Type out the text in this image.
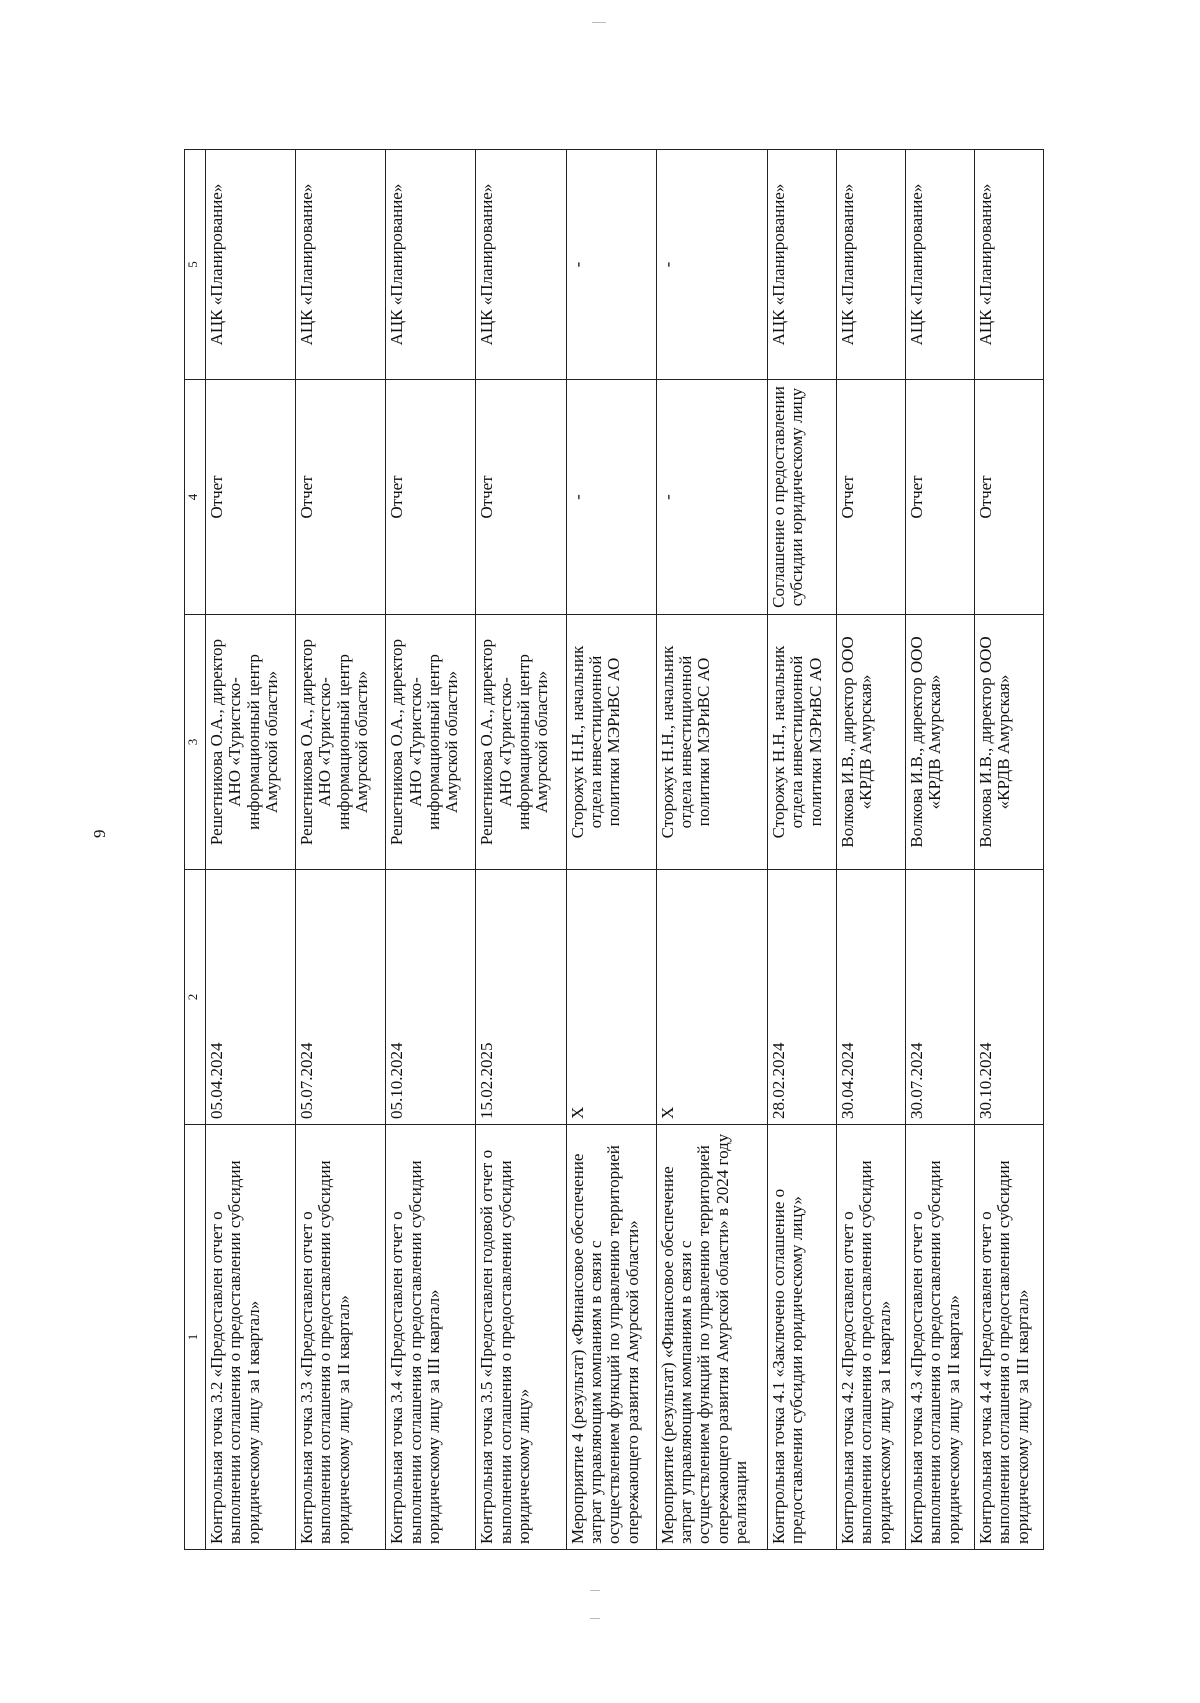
9
1	2	3	4	5
Контрольная точка 3.2 «Предоставлен отчет о выполнении соглашения о предоставлении субсидии юридическому лицу за I квартал»	05.04.2024	Решетникова О.А., директор АНО «Туристско-информационный центр Амурской области»	Отчет	АЦК «Планирование»
Контрольная точка 3.3 «Предоставлен отчет о выполнении соглашения о предоставлении субсидии юридическому лицу за II квартал»	05.07.2024	Решетникова О.А., директор АНО «Туристско-информационный центр Амурской области»	Отчет	АЦК «Планирование»
Контрольная точка 3.4 «Предоставлен отчет о выполнении соглашения о предоставлении субсидии юридическому лицу за III квартал»	05.10.2024	Решетникова О.А., директор АНО «Туристско-информационный центр Амурской области»	Отчет	АЦК «Планирование»
Контрольная точка 3.5 «Предоставлен годовой отчет о выполнении соглашения о предоставлении субсидии юридическому лицу»	15.02.2025	Решетникова О.А., директор АНО «Туристско-информационный центр Амурской области»	Отчет	АЦК «Планирование»
Мероприятие 4 (результат) «Финансовое обеспечение затрат управляющим компаниям в связи с осуществлением функций по управлению территорией опережающего развития Амурской области»	X	Сторожук Н.Н., начальник отдела инвестиционной политики МЭРиВС АО	-	-
Мероприятие (результат) «Финансовое обеспечение затрат управляющим компаниям в связи с осуществлением функций по управлению территорией опережающего развития Амурской области» в 2024 году реализации	X	Сторожук Н.Н., начальник отдела инвестиционной политики МЭРиВС АО	-	-
Контрольная точка 4.1 «Заключено соглашение о предоставлении субсидии юридическому лицу»	28.02.2024	Сторожук Н.Н., начальник отдела инвестиционной политики МЭРиВС АО	Соглашение о предоставлении субсидии юридическому лицу	АЦК «Планирование»
Контрольная точка 4.2 «Предоставлен отчет о выполнении соглашения о предоставлении субсидии юридическому лицу за I квартал»	30.04.2024	Волкова И.В., директор ООО «КРДВ Амурская»	Отчет	АЦК «Планирование»
Контрольная точка 4.3 «Предоставлен отчет о выполнении соглашения о предоставлении субсидии юридическому лицу за II квартал»	30.07.2024	Волкова И.В., директор ООО «КРДВ Амурская»	Отчет	АЦК «Планирование»
Контрольная точка 4.4 «Предоставлен отчет о выполнении соглашения о предоставлении субсидии юридическому лицу за III квартал»	30.10.2024	Волкова И.В., директор ООО «КРДВ Амурская»	Отчет	АЦК «Планирование»
